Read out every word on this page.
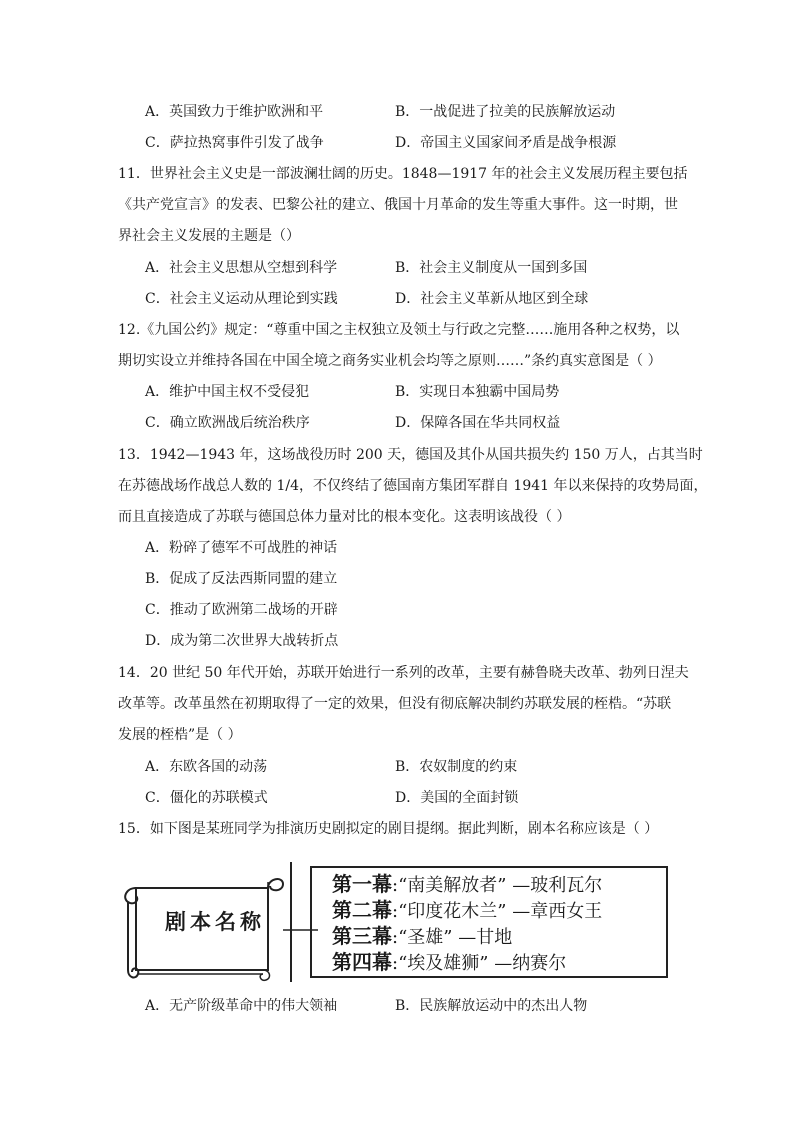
A．英国致力于维护欧洲和平	B．一战促进了拉美的民族解放运动
C．萨拉热窝事件引发了战争	D．帝国主义国家间矛盾是战争根源
11．世界社会主义史是一部波澜壮阔的历史。1848—1917 年的社会主义发展历程主要包括
《共产党宣言》的发表、巴黎公社的建立、俄国十月革命的发生等重大事件。这一时期，世
界社会主义发展的主题是（）
A．社会主义思想从空想到科学	B．社会主义制度从一国到多国
C．社会主义运动从理论到实践	D．社会主义革新从地区到全球
12.《九国公约》规定：“尊重中国之主权独立及领土与行政之完整……施用各种之权势，以
期切实设立并维持各国在中国全境之商务实业机会均等之原则……”条约真实意图是（ ）
A．维护中国主权不受侵犯	B．实现日本独霸中国局势
C．确立欧洲战后统治秩序	D．保障各国在华共同权益
13．1942—1943 年，这场战役历时 200 天，德国及其仆从国共损失约 150 万人，占其当时
在苏德战场作战总人数的 1/4，不仅终结了德国南方集团军群自 1941 年以来保持的攻势局面，
而且直接造成了苏联与德国总体力量对比的根本变化。这表明该战役（ ）
A．粉碎了德军不可战胜的神话
B．促成了反法西斯同盟的建立
C．推动了欧洲第二战场的开辟
D．成为第二次世界大战转折点
14．20 世纪 50 年代开始，苏联开始进行一系列的改革，主要有赫鲁晓夫改革、勃列日涅夫
改革等。改革虽然在初期取得了一定的效果，但没有彻底解决制约苏联发展的桎梏。“苏联
发展的桎梏”是（ ）
A．东欧各国的动荡	B．农奴制度的约束
C．僵化的苏联模式	D．美国的全面封锁
15．如下图是某班同学为排演历史剧拟定的剧目提纲。据此判断，剧本名称应该是（ ）
剧本名称
第一幕:“南美解放者” —玻利瓦尔
第二幕:“印度花木兰” —章西女王
第三幕:“圣雄” —甘地
第四幕:“埃及雄狮” —纳赛尔
A．无产阶级革命中的伟大领袖	B．民族解放运动中的杰出人物
